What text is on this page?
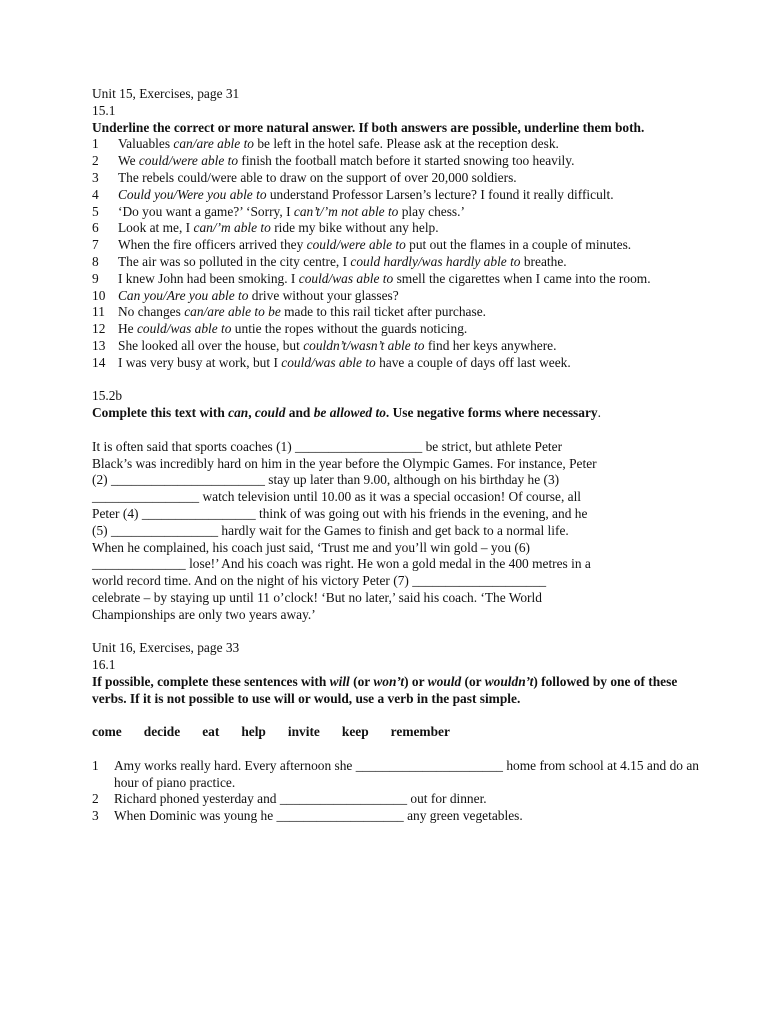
Unit 15, Exercises, page 31

15.1

Underline the correct or more natural answer. If both answers are possible, underline them both.

1	Valuables can/are able to be left in the hotel safe. Please ask at the reception desk.
2	We could/were able to finish the football match before it started snowing too heavily.
3	The rebels could/were able to draw on the support of over 20,000 soldiers.
4	Could you/Were you able to understand Professor Larsen’s lecture? I found it really difficult.
5	‘Do you want a game?’ ‘Sorry, I can’t/’m not able to play chess.’
6	Look at me, I can/’m able to ride my bike without any help.
7	When the fire officers arrived they could/were able to put out the flames in a couple of minutes.
8	The air was so polluted in the city centre, I could hardly/was hardly able to breathe.
9	I knew John had been smoking. I could/was able to smell the cigarettes when I came into the room.
10 Can you/Are you able to drive without your glasses?
11 No changes can/are able to be made to this rail ticket after purchase.
12 He could/was able to untie the ropes without the guards noticing.
13 She looked all over the house, but couldn’t/wasn’t able to find her keys anywhere.
14 I was very busy at work, but I could/was able to have a couple of days off last week.

15.2b

Complete this text with can, could and be allowed to. Use negative forms where necessary.

It is often said that sports coaches (1) ___________________ be strict, but athlete Peter

Black’s was incredibly hard on him in the year before the Olympic Games. For instance, Peter

(2) _______________________ stay up later than 9.00, although on his birthday he (3)

________________ watch television until 10.00 as it was a special occasion! Of course, all

Peter (4) _________________ think of was going out with his friends in the evening, and he

(5) ________________ hardly wait for the Games to finish and get back to a normal life.

When he complained, his coach just said, ‘Trust me and you’ll win gold – you (6)

______________ lose!’ And his coach was right. He won a gold medal in the 400 metres in a

world record time. And on the night of his victory Peter (7) ____________________

celebrate – by staying up until 11 o’clock! ‘But no later,’ said his coach. ‘The World

Championships are only two years away.’

Unit 16, Exercises, page 33

16.1

If possible, complete these sentences with will (or won’t) or would (or wouldn’t) followed by one of these verbs. If it is not possible to use will or would, use a verb in the past simple.

come decide eat help invite keep remember

1	Amy works really hard. Every afternoon she ______________________ home from school at 4.15 and do an hour of piano practice.
2	Richard phoned yesterday and ___________________ out for dinner.
3	When Dominic was young he ___________________ any green vegetables.
